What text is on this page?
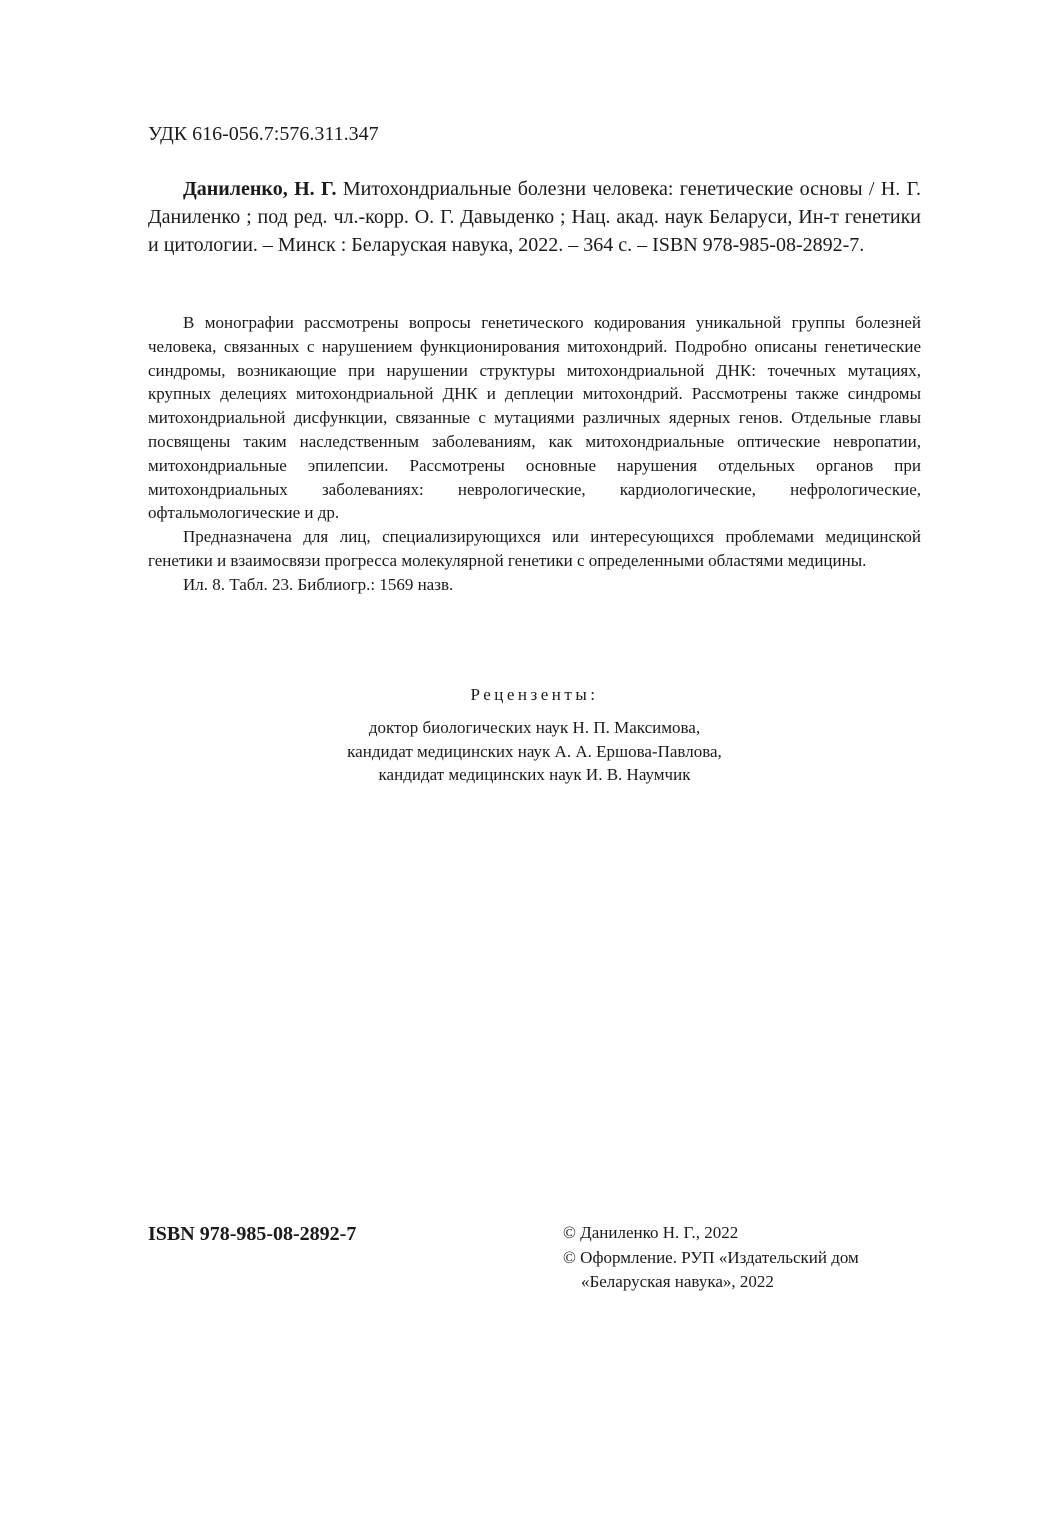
УДК 616-056.7:576.311.347

Даниленко, Н. Г. Митохондриальные болезни человека: генетические основы / Н. Г. Даниленко ; под ред. чл.-корр. О. Г. Давыденко ; Нац. акад. наук Беларуси, Ин-т генетики и цитологии. – Минск : Беларуская навука, 2022. – 364 с. – ISBN 978-985-08-2892-7.

В монографии рассмотрены вопросы генетического кодирования уникальной группы болезней человека, связанных с нарушением функционирования митохондрий. Подробно описаны генетические синдромы, возникающие при нарушении структуры митохондриальной ДНК: точечных мутациях, крупных делециях митохондриальной ДНК и деплеции митохондрий. Рассмотрены также синдромы митохондриальной дисфункции, связанные с мутациями различных ядерных генов. Отдельные главы посвящены таким наследственным заболеваниям, как митохондриальные оптические невропатии, митохондриальные эпилепсии. Рассмотрены основные нарушения отдельных органов при митохондриальных заболеваниях: неврологические, кардиологические, нефрологические, офтальмологические и др.

Предназначена для лиц, специализирующихся или интересующихся проблемами медицинской генетики и взаимосвязи прогресса молекулярной генетики с определенными областями медицины.

Ил. 8. Табл. 23. Библиогр.: 1569 назв.

Рецензенты:
доктор биологических наук Н. П. Максимова,
кандидат медицинских наук А. А. Ершова-Павлова,
кандидат медицинских наук И. В. Наумчик
ISBN 978-985-08-2892-7	© Даниленко Н. Г., 2022
© Оформление. РУП «Издательский дом
«Беларуская навука», 2022
